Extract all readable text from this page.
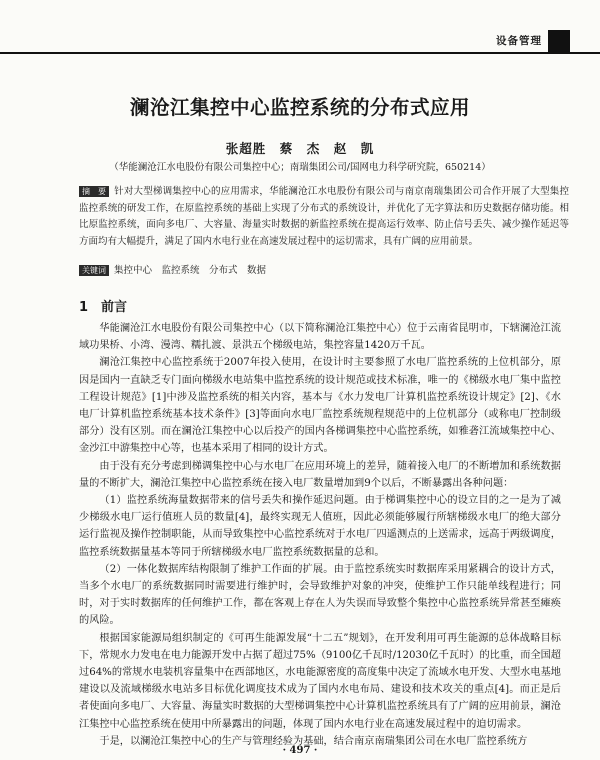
设备管理
澜沧江集控中心监控系统的分布式应用
张超胜　蔡　杰　赵　凯
（华能澜沧江水电股份有限公司集控中心；南瑞集团公司/国网电力科学研究院，650214）
摘　要 针对大型梯调集控中心的应用需求，华能澜沧江水电股份有限公司与南京南瑞集团公司合作开展了大型集控监控系统的研发工作，在原监控系统的基础上实现了分布式的系统设计，并优化了无字算法和历史数据存储功能。相比原监控系统，面向多电厂、大容量、海量实时数据的新监控系统在提高运行效率、防止信号丢失、减少操作延迟等方面均有大幅提升，满足了国内水电行业在高速发展过程中的运切需求，具有广阔的应用前景。
关键词 集控中心　监控系统　分布式　数据
1　前言

华能澜沧江水电股份有限公司集控中心（以下简称澜沧江集控中心）位于云南省昆明市，下辖澜沧江流域功果桥、小湾、漫湾、糯扎渡、景洪五个梯级电站，集控容量1420万千瓦。

澜沧江集控中心监控系统于2007年投入使用，在设计时主要参照了水电厂监控系统的上位机部分，原因是国内一直缺乏专门面向梯级水电站集中监控系统的设计规范或技术标准，唯一的《梯级水电厂集中监控工程设计规范》[1]中涉及监控系统的相关内容，基本与《水力发电厂计算机监控系统设计规定》[2]、《水电厂计算机监控系统基本技术条件》[3]等面向水电厂监控系统规程规范中的上位机部分（或称电厂控制级部分）没有区别。而在澜沧江集控中心以后投产的国内各梯调集控中心监控系统，如雅砻江流域集控中心、金沙江中游集控中心等，也基本采用了相同的设计方式。

由于没有充分考虑到梯调集控中心与水电厂在应用环境上的差异，随着接入电厂的不断增加和系统数据量的不断扩大，澜沧江集控中心监控系统在接入电厂数量增加到9个以后，不断暴露出各种问题：

（1）监控系统海量数据带来的信号丢失和操作延迟问题。由于梯调集控中心的设立目的之一是为了减少梯级水电厂运行值班人员的数量[4]，最终实现无人值班，因此必须能够履行所辖梯级水电厂的绝大部分运行监视及操作控制职能，从而导致集控中心监控系统对于水电厂四遥测点的上送需求，远高于两级调度，监控系统数据量基本等同于所辖梯级水电厂监控系统数据量的总和。

（2）一体化数据库结构限制了维护工作面的扩展。由于监控系统实时数据库采用紧耦合的设计方式，当多个水电厂的系统数据同时需要进行维护时，会导致维护对象的冲突，使维护工作只能单线程进行；同时，对于实时数据库的任何维护工作，都在客观上存在人为失误而导致整个集控中心监控系统异常甚至瘫痪的风险。

根据国家能源局组织制定的《可再生能源发展“十二五”规划》，在开发利用可再生能源的总体战略目标下，常规水力发电在电力能源开发中占据了超过75%（9100亿千瓦时/12030亿千瓦时）的比重，而全国超过64%的常规水电装机容量集中在西部地区，水电能源密度的高度集中决定了流域水电开发、大型水电基地建设以及流域梯级水电站多目标优化调度技术成为了国内水电布局、建设和技术攻关的重点[4]。而正是后者使面向多电厂、大容量、海量实时数据的大型梯调集控中心计算机监控系统具有了广阔的应用前景，澜沧江集控中心监控系统在使用中所暴露出的问题，体现了国内水电行业在高速发展过程中的迫切需求。

于是，以澜沧江集控中心的生产与管理经验为基础，结合南京南瑞集团公司在水电厂监控系统方

· 497 ·
